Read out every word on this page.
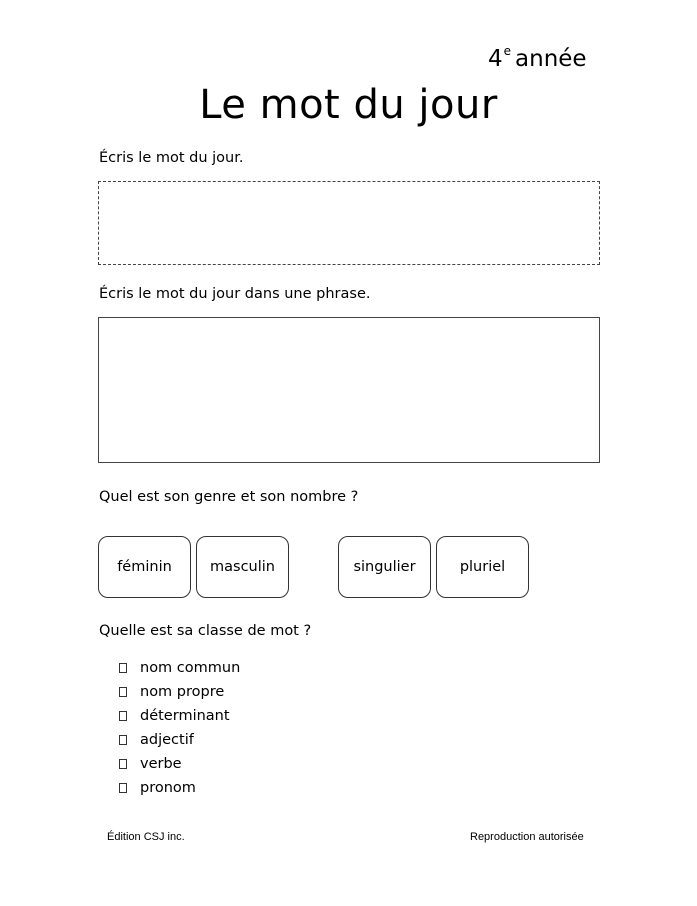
4e année
Le mot du jour
Écris le mot du jour.
Écris le mot du jour dans une phrase.
Quel est son genre et son nombre ?
féminin	masculin	singulier	pluriel
Quelle est sa classe de mot ?
nom commun
nom propre
déterminant
adjectif
verbe
pronom
Édition CSJ inc.	Reproduction autorisée
